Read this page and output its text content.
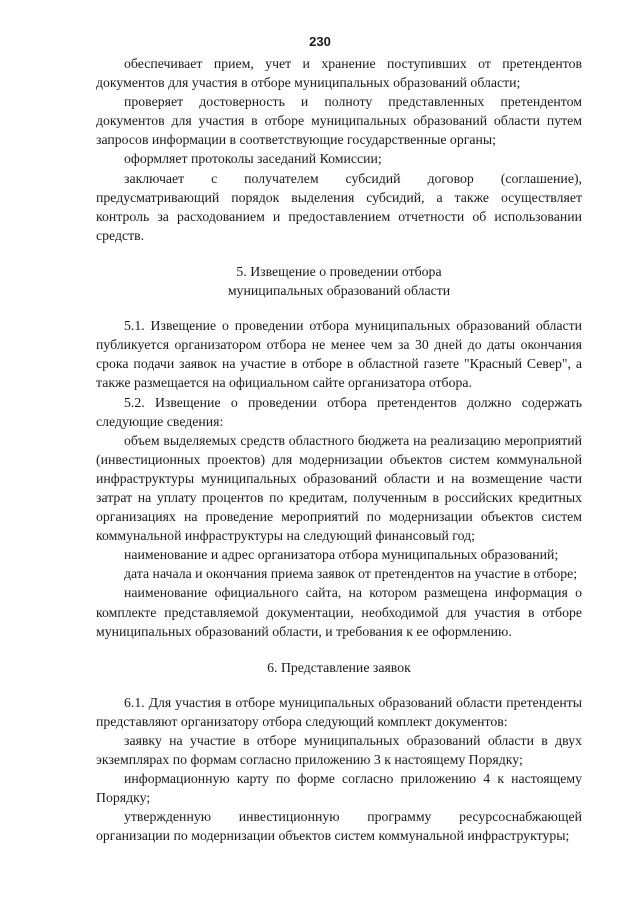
230

обеспечивает прием, учет и хранение поступивших от претендентов документов для участия в отборе муниципальных образований области;

проверяет достоверность и полноту представленных претендентом документов для участия в отборе муниципальных образований области путем запросов информации в соответствующие государственные органы;

оформляет протоколы заседаний Комиссии;

заключает с получателем субсидий договор (соглашение), предусматривающий порядок выделения субсидий, а также осуществляет контроль за расходованием и предоставлением отчетности об использовании средств.

5. Извещение о проведении отбора

муниципальных образований области

5.1. Извещение о проведении отбора муниципальных образований области публикуется организатором отбора не менее чем за 30 дней до даты окончания срока подачи заявок на участие в отборе в областной газете "Красный Север", а также размещается на официальном сайте организатора отбора.

5.2. Извещение о проведении отбора претендентов должно содержать следующие сведения:

объем выделяемых средств областного бюджета на реализацию мероприятий (инвестиционных проектов) для модернизации объектов систем коммунальной инфраструктуры муниципальных образований области и на возмещение части затрат на уплату процентов по кредитам, полученным в российских кредитных организациях на проведение мероприятий по модернизации объектов систем коммунальной инфраструктуры на следующий финансовый год;

наименование и адрес организатора отбора муниципальных образований;

дата начала и окончания приема заявок от претендентов на участие в отборе;

наименование официального сайта, на котором размещена информация о комплекте представляемой документации, необходимой для участия в отборе муниципальных образований области, и требования к ее оформлению.

6. Представление заявок

6.1. Для участия в отборе муниципальных образований области претенденты представляют организатору отбора следующий комплект документов:

заявку на участие в отборе муниципальных образований области в двух экземплярах по формам согласно приложению 3 к настоящему Порядку;

информационную карту по форме согласно приложению 4 к настоящему Порядку;

утвержденную инвестиционную программу ресурсоснабжающей организации по модернизации объектов систем коммунальной инфраструктуры;
